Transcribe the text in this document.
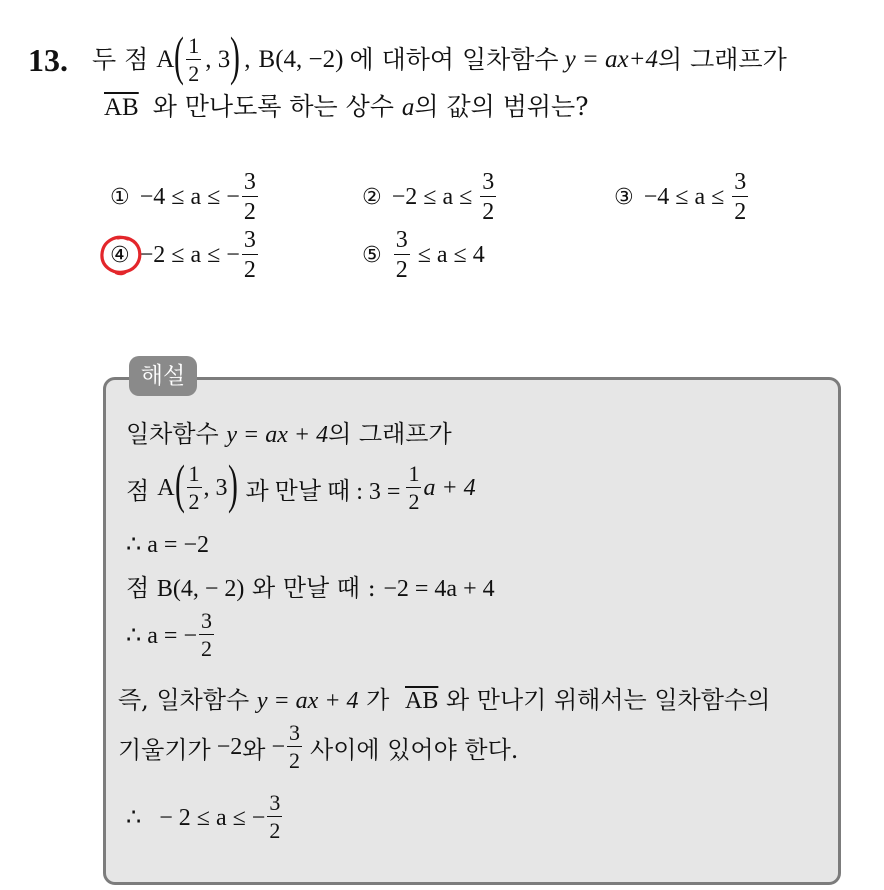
13. 두 점 A ( $\frac{1}{2}$ , 3 ) , B(4, −2) 에 대하여 일차함수 y = ax+4 의 그래프가
$\overline{AB}$ 와 만나도록 하는 상수 a의 값의 범위는?
① −4 ≤ a ≤ − $\frac{3}{2}$	② $-2 \le a \le \frac{3}{2}$	③ $-4 \le a \le \frac{3}{2}$
④ −2 ≤ a ≤ − $\frac{3}{2}$	⑤ $\frac{3}{2} \le a \le 4$
해설
일차함수 y = ax + 4의 그래프가
점 A ( $\frac{1}{2}$ , 3 ) 과 만날 때 : $3 = \frac{1}{2}$ a + 4
∴ a = −2
점 B(4, − 2) 와 만날 때 : −2 = 4a + 4
∴ a = − $\frac{3}{2}$
즉, 일차함수 y = ax + 4 가 $\overline{AB}$ 와 만나기 위해서는 일차함수의
기울기가 −2 와 − $\frac{3}{2}$ 사이에 있어야 한다.
∴   − 2 ≤ a ≤ − $\frac{3}{2}$
